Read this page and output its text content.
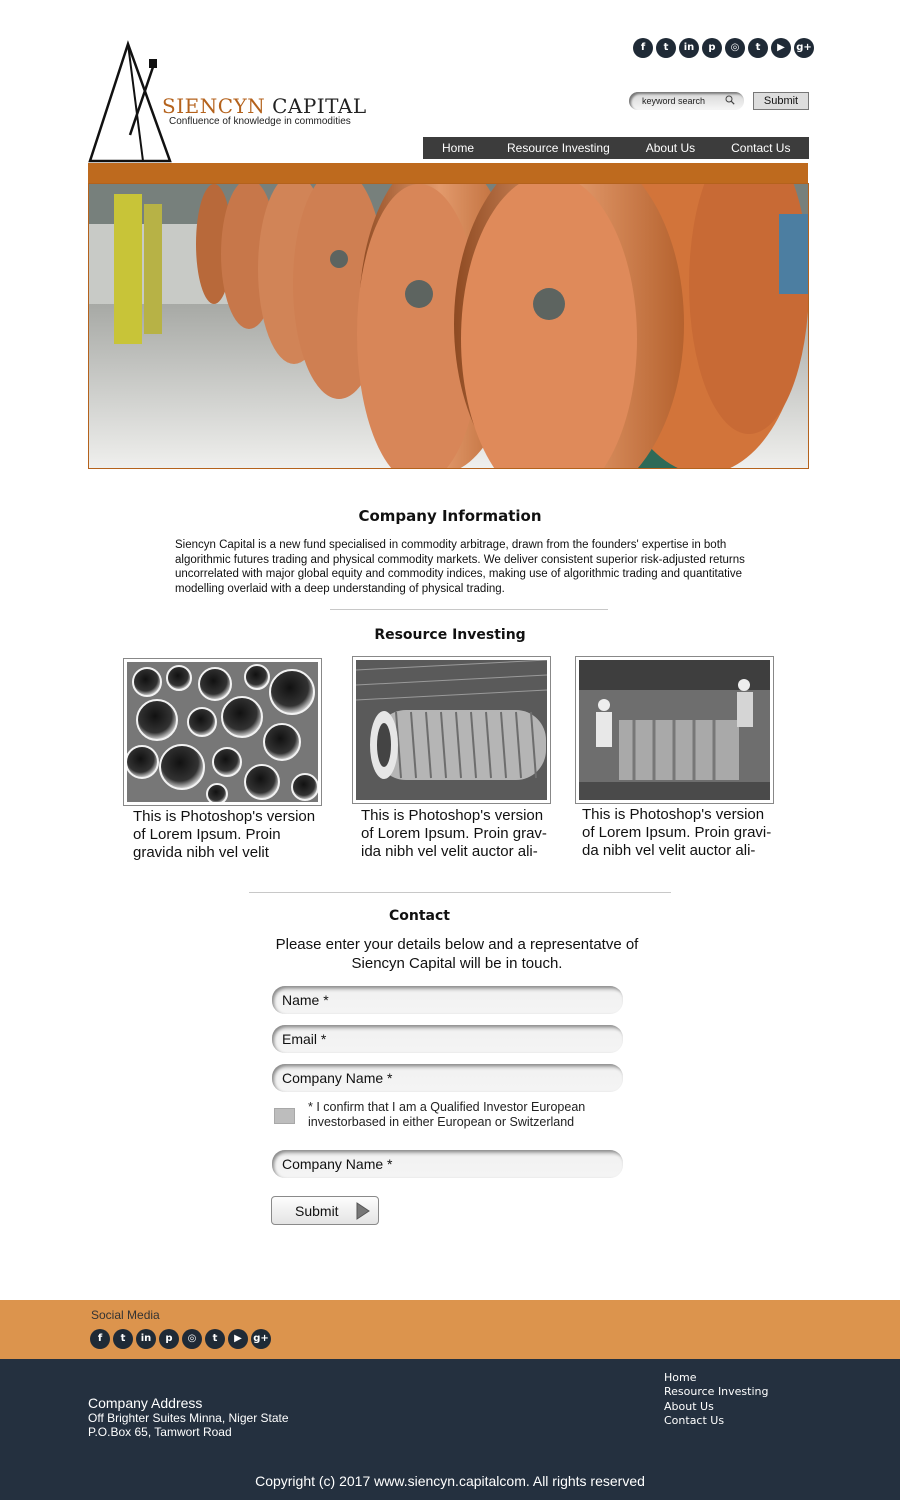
SIENCYN CAPITAL
Confluence of knowledge in commodities
f	t	in	p	◎	t	▶	g+
keyword search
Submit
Home	Resource Investing	About Us	Contact Us
Company Information
Siencyn Capital is a new fund specialised in commodity arbitrage, drawn from the founders' expertise in both algorithmic futures trading and physical commodity markets. We deliver consistent superior risk-adjusted returns uncorrelated with major global equity and commodity indices, making use of algorithmic trading and quantitative modelling overlaid with a deep understanding of physical trading.
Resource Investing
This is Photoshop's version of Lorem Ipsum. Proin gravida nibh vel velit
This is Photoshop's version of Lorem Ipsum. Proin grav-ida nibh vel velit auctor ali-
This is Photoshop's version of Lorem Ipsum. Proin gravi-da nibh vel velit auctor ali-
Contact
Please enter your details below and a representatve of Siencyn Capital will be in touch.
Name *
Email *
Company Name *
* I confirm that I am a Qualified Investor European investorbased in either European or Switzerland
Company Name *
Submit
Social Media
f	t	in	p	◎	t	▶	g+
Company Address
Off Brighter Suites Minna, Niger State
P.O.Box 65, Tamwort Road
Home
Resource Investing
About Us
Contact Us
Copyright (c) 2017 www.siencyn.capitalcom. All rights reserved
